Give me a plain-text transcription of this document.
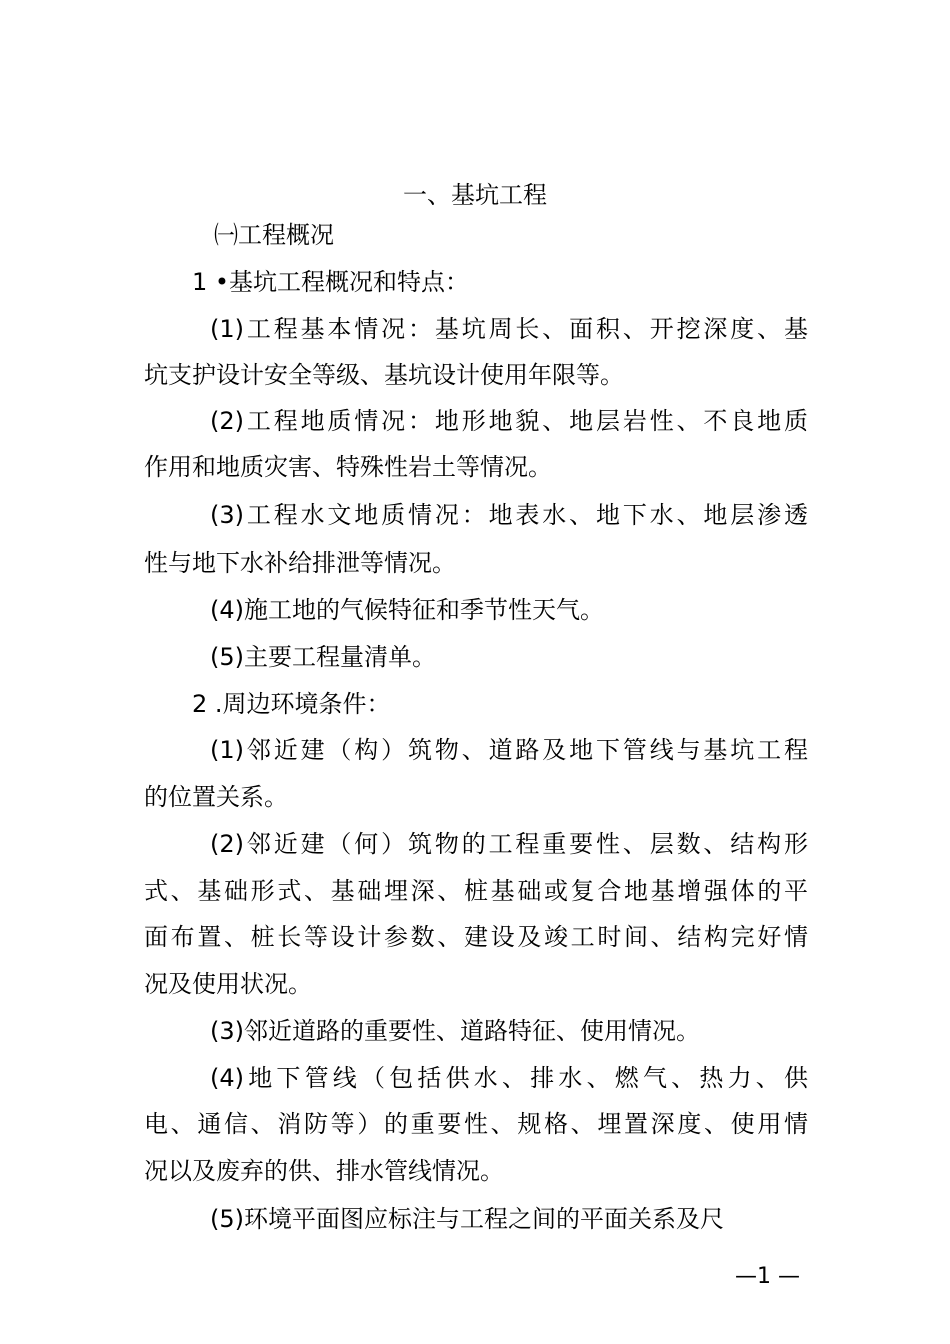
一、基坑工程
㈠工程概况
1 •基坑工程概况和特点：
(1)工程基本情况：基坑周长、面积、开挖深度、基
坑支护设计安全等级、基坑设计使用年限等。
(2)工程地质情况：地形地貌、地层岩性、不良地质
作用和地质灾害、特殊性岩土等情况。
(3)工程水文地质情况：地表水、地下水、地层渗透
性与地下水补给排泄等情况。
(4)施工地的气候特征和季节性天气。
(5)主要工程量清单。
2 .周边环境条件：
(1)邻近建（构）筑物、道路及地下管线与基坑工程
的位置关系。
(2)邻近建（何）筑物的工程重要性、层数、结构形
式、基础形式、基础埋深、桩基础或复合地基增强体的平
面布置、桩长等设计参数、建设及竣工时间、结构完好情
况及使用状况。
(3)邻近道路的重要性、道路特征、使用情况。
(4)地下管线（包括供水、排水、燃气、热力、供
电、通信、消防等）的重要性、规格、埋置深度、使用情
况以及废弃的供、排水管线情况。
(5)环境平面图应标注与工程之间的平面关系及尺
—1 —
